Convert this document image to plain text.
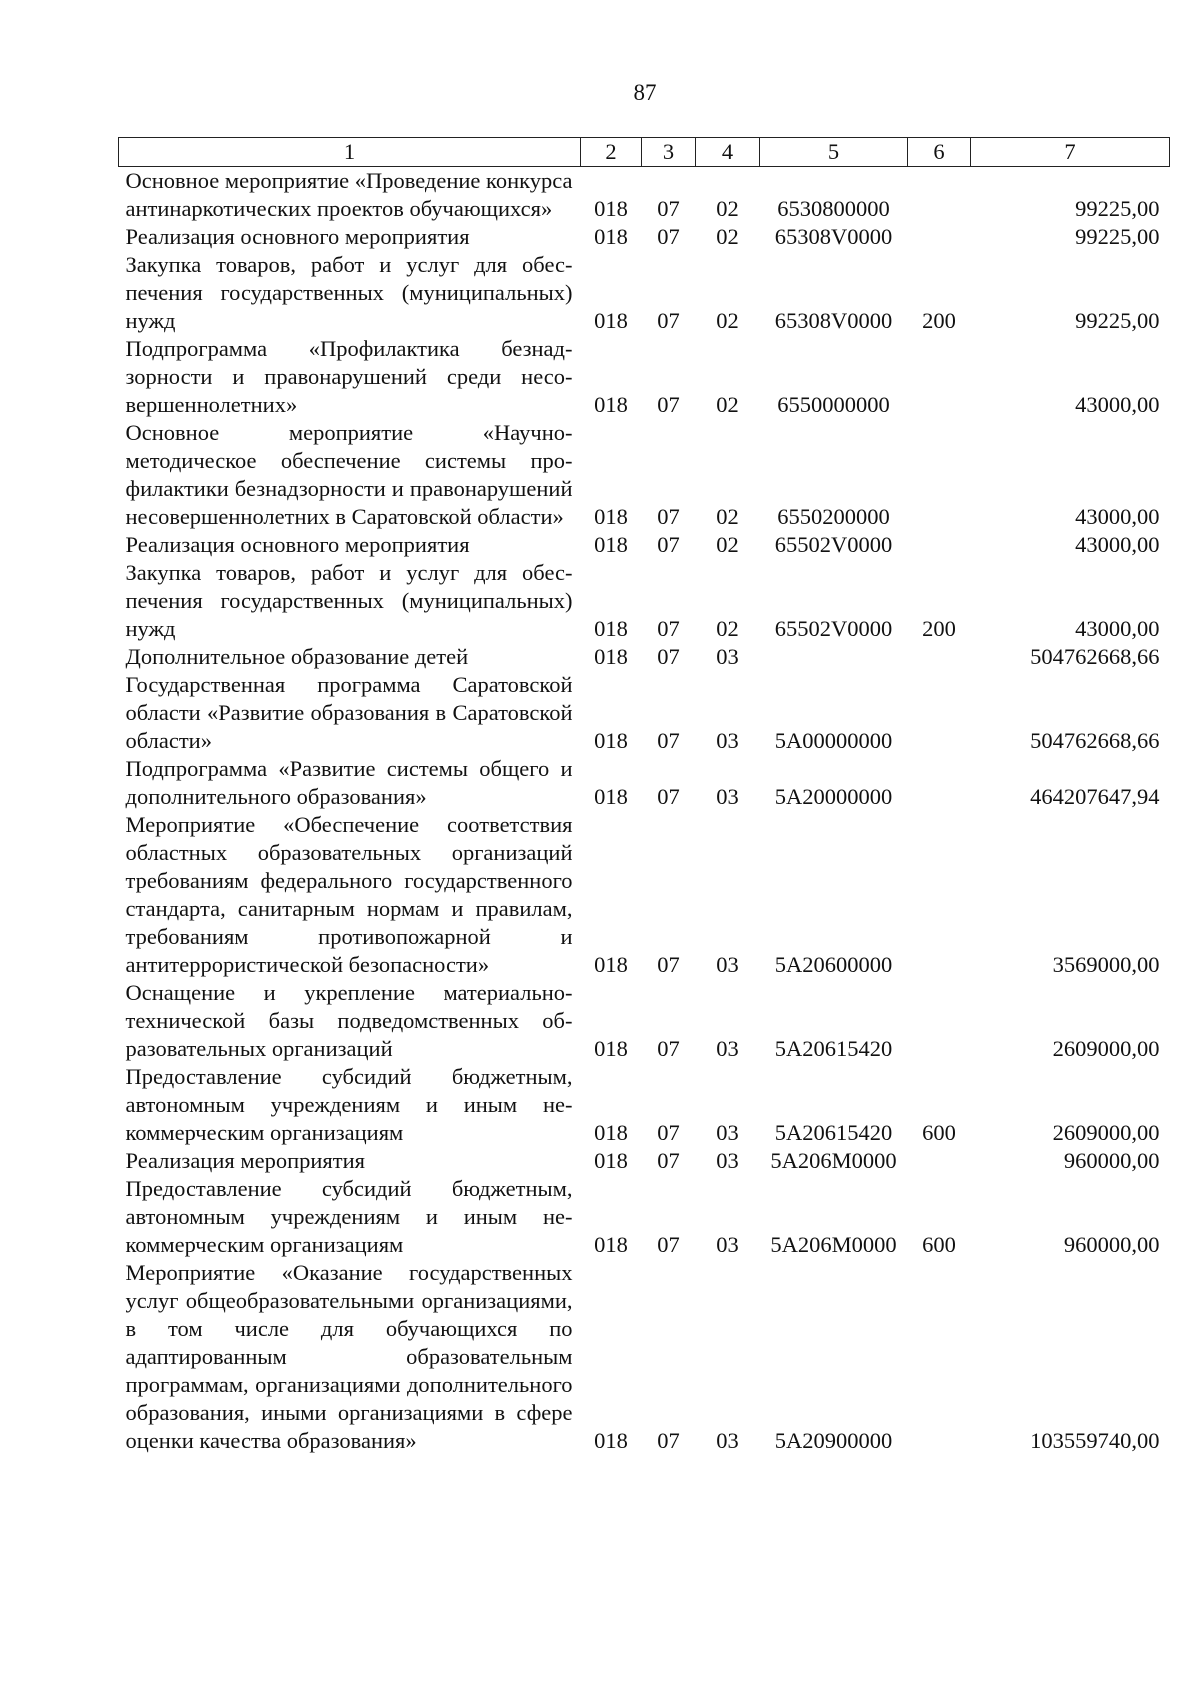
87
1	2	3	4	5	6	7
Основное мероприятие «Проведение конкурса антинаркотических проектов обучающихся»	018	07	02	6530800000		99225,00
Реализация основного мероприятия	018	07	02	65308V0000		99225,00
Закупка товаров, работ и услуг для обеспечения государственных (муниципальных) нужд	018	07	02	65308V0000	200	99225,00
Подпрограмма «Профилактика безнадзорности и правонарушений среди несовершеннолетних»	018	07	02	6550000000		43000,00
Основное мероприятие «Научно-методическое обеспечение системы профилактики безнадзорности и правонарушений несовершеннолетних в Саратовской области»	018	07	02	6550200000		43000,00
Реализация основного мероприятия	018	07	02	65502V0000		43000,00
Закупка товаров, работ и услуг для обеспечения государственных (муниципальных) нужд	018	07	02	65502V0000	200	43000,00
Дополнительное образование детей	018	07	03			504762668,66
Государственная программа Саратовской области «Развитие образования в Саратовской области»	018	07	03	5А00000000		504762668,66
Подпрограмма «Развитие системы общего и дополнительного образования»	018	07	03	5А20000000		464207647,94
Мероприятие «Обеспечение соответствия областных образовательных организаций требованиям федерального государственного стандарта, санитарным нормам и правилам, требованиям противопожарной и антитеррористической безопасности»	018	07	03	5А20600000		3569000,00
Оснащение и укрепление материально-технической базы подведомственных образовательных организаций	018	07	03	5А20615420		2609000,00
Предоставление субсидий бюджетным, автономным учреждениям и иным некоммерческим организациям	018	07	03	5А20615420	600	2609000,00
Реализация мероприятия	018	07	03	5А206М0000		960000,00
Предоставление субсидий бюджетным, автономным учреждениям и иным некоммерческим организациям	018	07	03	5А206М0000	600	960000,00
Мероприятие «Оказание государственных услуг общеобразовательными организациями, в том числе для обучающихся по адаптированным образовательным программам, организациями дополнительного образования, иными организациями в сфере оценки качества образования»	018	07	03	5А20900000		103559740,00
